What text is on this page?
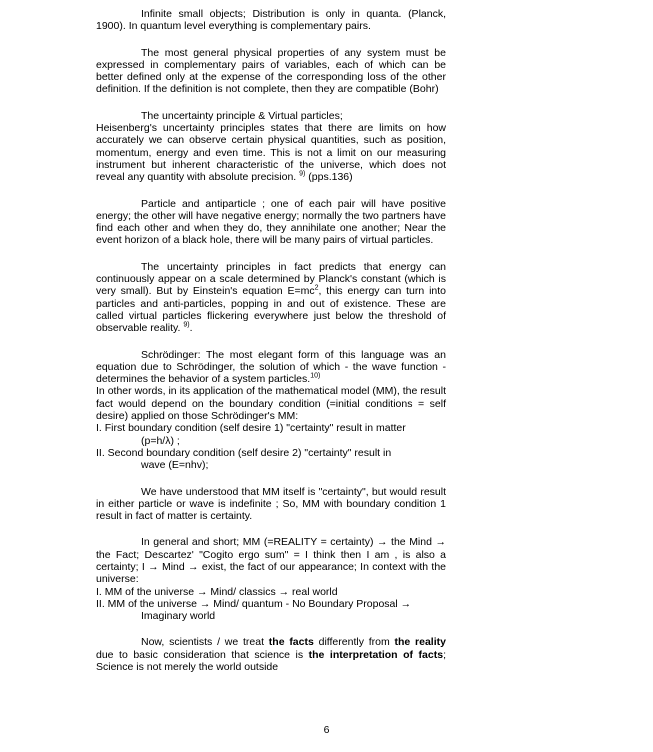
Infinite small objects; Distribution is only in quanta. (Planck, 1900). In quantum level everything is complementary pairs.

The most general physical properties of any system must be expressed in complementary pairs of variables, each of which can be better defined only at the expense of the corresponding loss of the other definition. If the definition is not complete, then they are compatible (Bohr)

The uncertainty principle & Virtual particles;
Heisenberg's uncertainty principles states that there are limits on how accurately we can observe certain physical quantities, such as position, momentum, energy and even time. This is not a limit on our measuring instrument but inherent characteristic of the universe, which does not reveal any quantity with absolute precision. $^{9)}$ (pps.136)

Particle and antiparticle ; one of each pair will have positive energy; the other will have negative energy; normally the two partners have find each other and when they do, they annihilate one another; Near the event horizon of a black hole, there will be many pairs of virtual particles.

The uncertainty principles in fact predicts that energy can continuously appear on a scale determined by Planck's constant (which is very small). But by Einstein's equation $E=mc^2$, this energy can turn into particles and anti-particles, popping in and out of existence. These are called virtual particles flickering everywhere just below the threshold of observable reality. $^{9)}$.

Schrödinger: The most elegant form of this language was an equation due to Schrödinger, the solution of which - the wave function - determines the behavior of a system particles.$^{10)}$
In other words, in its application of the mathematical model (MM), the result fact would depend on the boundary condition (=initial conditions = self desire) applied on those Schrödinger's MM:
I. First boundary condition (self desire 1) "certainty" result in matter
(p=h/λ) ;
II. Second boundary condition (self desire 2) "certainty" result in
wave (E=nhv);

We have understood that MM itself is "certainty", but would result in either particle or wave is indefinite ; So, MM with boundary condition 1 result in fact of matter is certainty.

In general and short; MM (=REALITY = certainty) → the Mind → the Fact; Descartez' "Cogito ergo sum" = I think then I am , is also a certainty; I → Mind → exist, the fact of our appearance; In context with the universe:
I. MM of the universe → Mind/ classics → real world
II. MM of the universe → Mind/ quantum - No Boundary Proposal →
Imaginary world

Now, scientists / we treat the facts differently from the reality due to basic consideration that science is the interpretation of facts; Science is not merely the world outside

6
